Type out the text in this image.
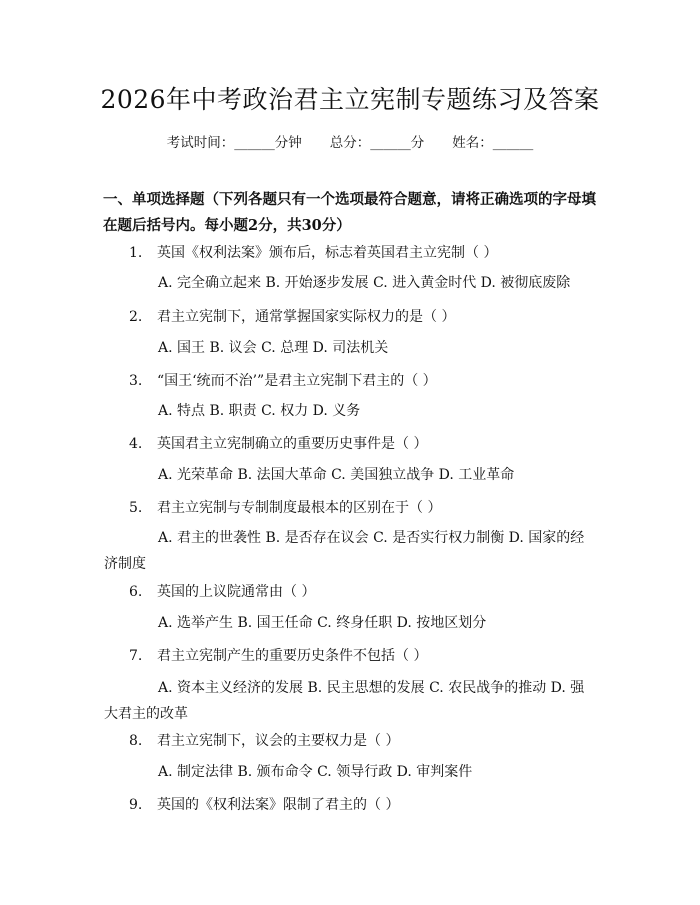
2026年中考政治君主立宪制专题练习及答案
考试时间：______分钟 总分：______分 姓名：______
一、单项选择题（下列各题只有一个选项最符合题意，请将正确选项的字母填在题后括号内。每小题2分，共30分）
1. 英国《权利法案》颁布后，标志着英国君主立宪制（ ）
A. 完全确立起来 B. 开始逐步发展 C. 进入黄金时代 D. 被彻底废除
2. 君主立宪制下，通常掌握国家实际权力的是（ ）
A. 国王 B. 议会 C. 总理 D. 司法机关
3. “国王‘统而不治’”是君主立宪制下君主的（ ）
A. 特点 B. 职责 C. 权力 D. 义务
4. 英国君主立宪制确立的重要历史事件是（ ）
A. 光荣革命 B. 法国大革命 C. 美国独立战争 D. 工业革命
5. 君主立宪制与专制制度最根本的区别在于（ ）
A. 君主的世袭性 B. 是否存在议会 C. 是否实行权力制衡 D. 国家的经济制度
6. 英国的上议院通常由（ ）
A. 选举产生 B. 国王任命 C. 终身任职 D. 按地区划分
7. 君主立宪制产生的重要历史条件不包括（ ）
A. 资本主义经济的发展 B. 民主思想的发展 C. 农民战争的推动 D. 强大君主的改革
8. 君主立宪制下，议会的主要权力是（ ）
A. 制定法律 B. 颁布命令 C. 领导行政 D. 审判案件
9. 英国的《权利法案》限制了君主的（ ）
